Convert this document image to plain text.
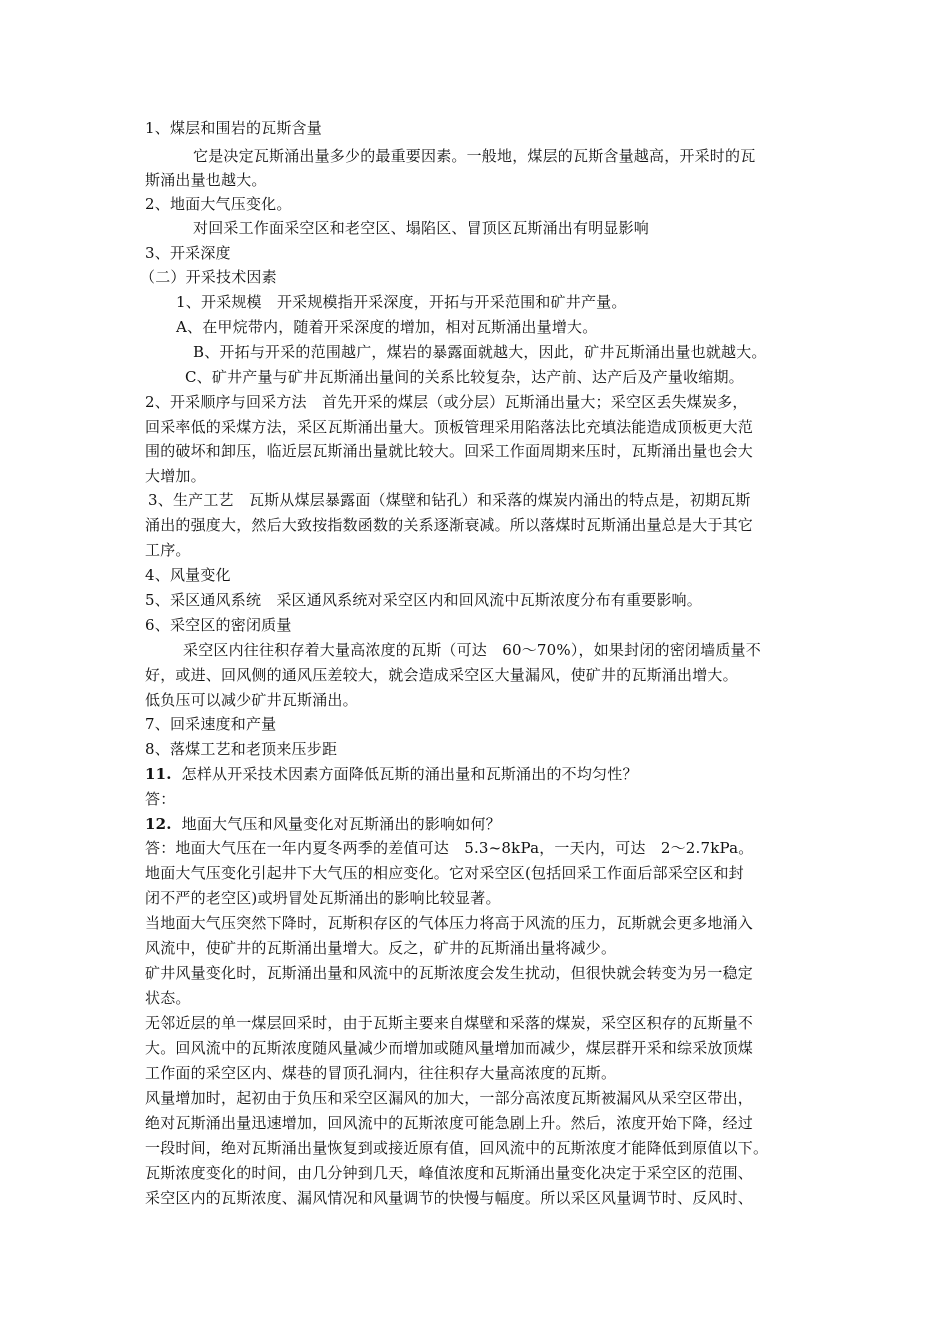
1、煤层和围岩的瓦斯含量
它是决定瓦斯涌出量多少的最重要因素。一般地，煤层的瓦斯含量越高，开采时的瓦
斯涌出量也越大。
2、地面大气压变化。
对回采工作面采空区和老空区、塌陷区、冒顶区瓦斯涌出有明显影响
3、开采深度
（二）开采技术因素
1、开采规模　开采规模指开采深度，开拓与开采范围和矿井产量。
A、在甲烷带内，随着开采深度的增加，相对瓦斯涌出量增大。
B、开拓与开采的范围越广，煤岩的暴露面就越大，因此，矿井瓦斯涌出量也就越大。
C、矿井产量与矿井瓦斯涌出量间的关系比较复杂，达产前、达产后及产量收缩期。
2、开采顺序与回采方法　首先开采的煤层（或分层）瓦斯涌出量大；采空区丢失煤炭多，
回采率低的采煤方法，采区瓦斯涌出量大。顶板管理采用陷落法比充填法能造成顶板更大范
围的破坏和卸压，临近层瓦斯涌出量就比较大。回采工作面周期来压时，瓦斯涌出量也会大
大增加。
3、生产工艺　瓦斯从煤层暴露面（煤壁和钻孔）和采落的煤炭内涌出的特点是，初期瓦斯
涌出的强度大，然后大致按指数函数的关系逐渐衰减。所以落煤时瓦斯涌出量总是大于其它
工序。
4、风量变化
5、采区通风系统　采区通风系统对采空区内和回风流中瓦斯浓度分布有重要影响。
6、采空区的密闭质量
采空区内往往积存着大量高浓度的瓦斯（可达　60～70%），如果封闭的密闭墙质量不
好，或进、回风侧的通风压差较大，就会造成采空区大量漏风，使矿井的瓦斯涌出增大。
低负压可以减少矿井瓦斯涌出。
7、回采速度和产量
8、落煤工艺和老顶来压步距
11. 怎样从开采技术因素方面降低瓦斯的涌出量和瓦斯涌出的不均匀性？
答：
12. 地面大气压和风量变化对瓦斯涌出的影响如何？
答：地面大气压在一年内夏冬两季的差值可达　5.3~8kPa，一天内，可达　2～2.7kPa。
地面大气压变化引起井下大气压的相应变化。它对采空区(包括回采工作面后部采空区和封
闭不严的老空区)或坍冒处瓦斯涌出的影响比较显著。
当地面大气压突然下降时，瓦斯积存区的气体压力将高于风流的压力，瓦斯就会更多地涌入
风流中，使矿井的瓦斯涌出量增大。反之，矿井的瓦斯涌出量将减少。
矿井风量变化时，瓦斯涌出量和风流中的瓦斯浓度会发生扰动，但很快就会转变为另一稳定
状态。
无邻近层的单一煤层回采时，由于瓦斯主要来自煤壁和采落的煤炭，采空区积存的瓦斯量不
大。回风流中的瓦斯浓度随风量减少而增加或随风量增加而减少，煤层群开采和综采放顶煤
工作面的采空区内、煤巷的冒顶孔洞内，往往积存大量高浓度的瓦斯。
风量增加时，起初由于负压和采空区漏风的加大，一部分高浓度瓦斯被漏风从采空区带出，
绝对瓦斯涌出量迅速增加，回风流中的瓦斯浓度可能急剧上升。然后，浓度开始下降，经过
一段时间，绝对瓦斯涌出量恢复到或接近原有值，回风流中的瓦斯浓度才能降低到原值以下。
瓦斯浓度变化的时间，由几分钟到几天，峰值浓度和瓦斯涌出量变化决定于采空区的范围、
采空区内的瓦斯浓度、漏风情况和风量调节的快慢与幅度。所以采区风量调节时、反风时、
